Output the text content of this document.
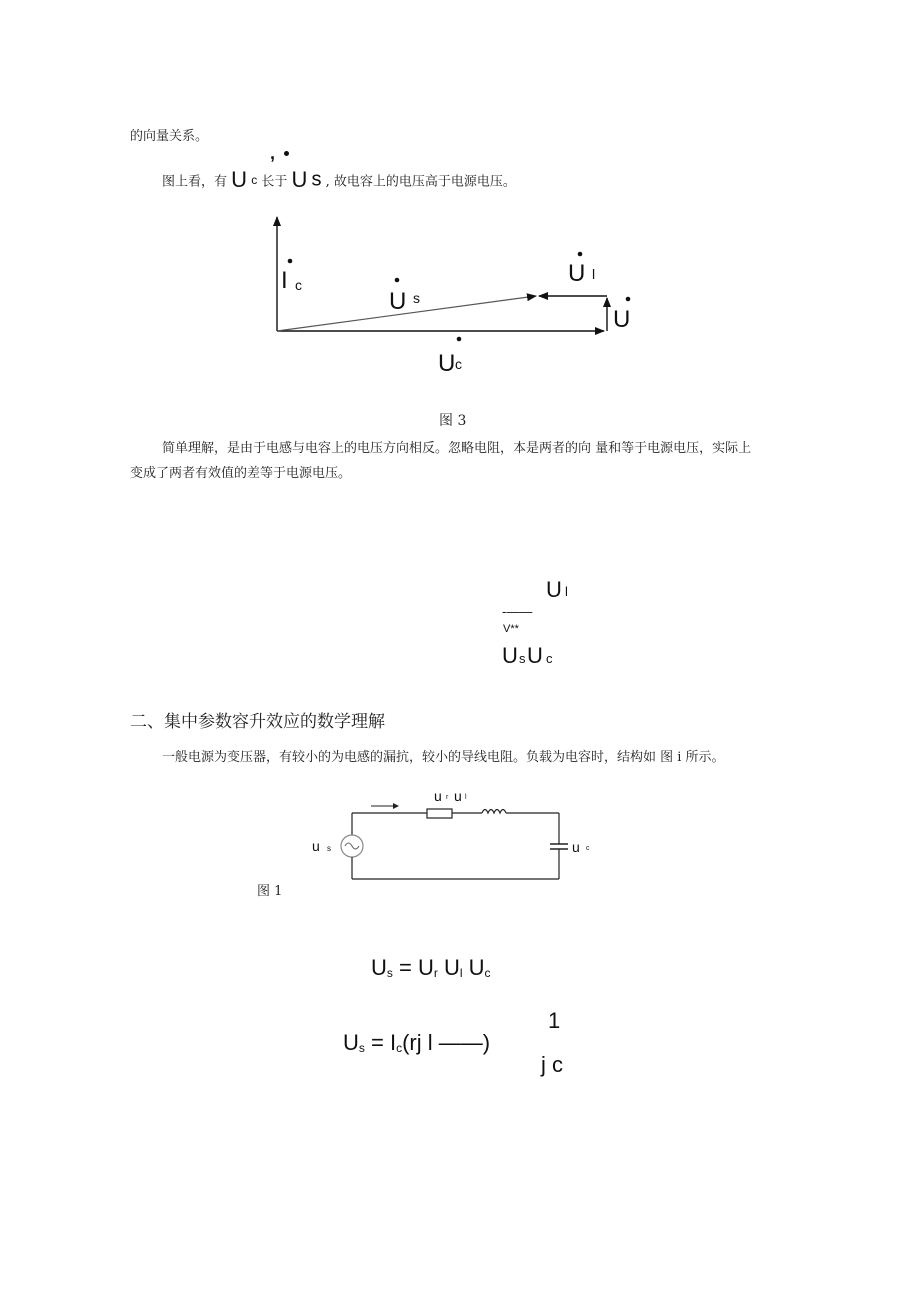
的向量关系。
图上看，有 U c 长于 U s , 故电容上的电压高于电源电压。
,
I c
U s
U l
U
U c
图 3
简单理解，是由于电感与电容上的电压方向相反。忽略电阻，本是两者的向 量和等于电源电压，实际上
变成了两者有效值的差等于电源电压。
U l
-——
V**
U s U c
二、集中参数容升效应的数学理解
一般电源为变压器，有较小的为电感的漏抗，较小的导线电阻。负载为电容时，结构如 图 i 所示。
u s
u r u l
u c
图 1
$U_s = U_r$ $U_l$ $U_c$
$U_s = I_c(rj$ l ——)
1
j c
